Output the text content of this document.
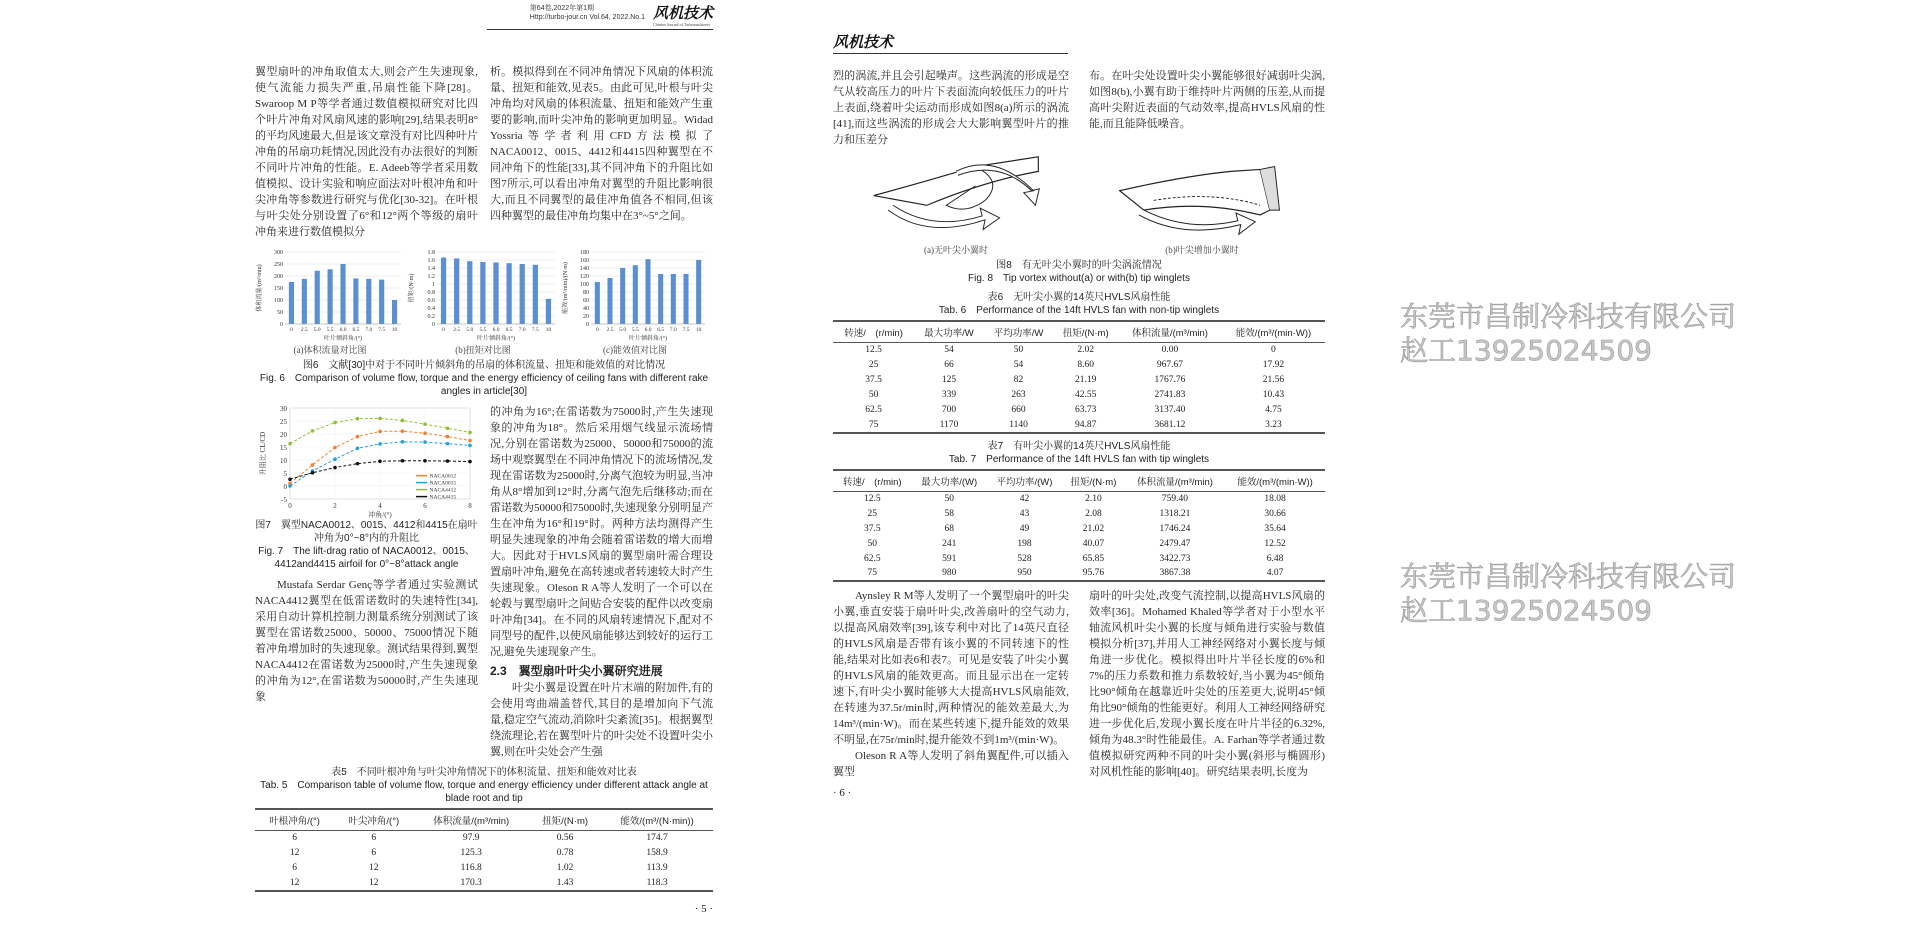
第64卷,2022年第1期
Http://turbo-jour.cn Vol.64, 2022.No.1 风机技术
Chinese Journal of Turbomachinery
翼型扇叶的冲角取值太大,则会产生失速现象,使气流能力损失严重,吊扇性能下降[28]。Swaroop M P等学者通过数值模拟研究对比四个叶片冲角对风扇风速的影响[29],结果表明8°的平均风速最大,但是该文章没有对比四种叶片冲角的吊扇功耗情况,因此没有办法很好的判断不同叶片冲角的性能。E. Adeeb等学者采用数值模拟、设计实验和响应面法对叶根冲角和叶尖冲角等参数进行研究与优化[30-32]。在叶根与叶尖处分别设置了6°和12°两个等级的扇叶冲角来进行数值模拟分
析。模拟得到在不同冲角情况下风扇的体积流量、扭矩和能效,见表5。由此可见,叶根与叶尖冲角均对风扇的体积流量、扭矩和能效产生重要的影响,而叶尖冲角的影响更加明显。Widad Yossria等学者利用CFD方法模拟了NACA0012、0015、4412和4415四种翼型在不同冲角下的性能[33],其不同冲角下的升阻比如图7所示,可以看出冲角对翼型的升阻比影响很大,而且不同翼型的最佳冲角值各不相同,但该四种翼型的最佳冲角均集中在3°~5°之间。
0
50
100
150
200
250
300
0 2.5 5.0 5.5 6.0 6.5 7.0 7.5 10
叶片倾斜角/(°)
体积流量/(m³/min)
(a)体积流量对比图
0
0.2
0.4
0.6
0.8
1
1.2
1.4
1.6
1.8
0 2.5 5.0 5.5 6.0 6.5 7.0 7.5 10
叶片倾斜角/(°)
扭矩/(N·m)
(b)扭矩对比图
0
20
40
60
80
100
120
140
160
180
0 2.5 5.0 5.5 6.0 6.5 7.0 7.5 10
叶片倾斜角/(°)
能效/(m³/min)/(N·m)
(c)能效值对比图
图6　文献[30]中对于不同叶片倾斜角的吊扇的体积流量、扭矩和能效值的对比情况
Fig. 6　Comparison of volume flow, torque and the energy efficiency of ceiling fans with different rake angles in article[30]
-5
0
5
10
15
20
25
30
0	2	4	6	8
NACA0012
NACA0015
NACA4412
NACA4415
冲角/(°)
升阻比 CL/CD
图7　翼型NACA0012、0015、4412和4415在扇叶冲角为0°~8°内的升阻比
Fig. 7　The lift-drag ratio of NACA0012、0015、
4412and4415 airfoil for 0°~8°attack angle
Mustafa Serdar Genç等学者通过实验测试NACA4412翼型在低雷诺数时的失速特性[34],采用自动计算机控制力测量系统分别测试了该翼型在雷诺数25000、50000、75000情况下随着冲角增加时的失速现象。测试结果得到,翼型NACA4412在雷诺数为25000时,产生失速现象的冲角为12°,在雷诺数为50000时,产生失速现象
的冲角为16°;在雷诺数为75000时,产生失速现象的冲角为18°。然后采用烟气线显示流场情况,分别在雷诺数为25000、50000和75000的流场中观察翼型在不同冲角情况下的流场情况,发现在雷诺数为25000时,分离气泡较为明显,当冲角从8°增加到12°时,分离气泡先后继移动;而在雷诺数为50000和75000时,失速现象分别明显产生在冲角为16°和19°时。两种方法均测得产生明显失速现象的冲角会随着雷诺数的增大而增大。因此对于HVLS风扇的翼型扇叶需合理设置扇叶冲角,避免在高转速或者转速较大时产生失速现象。Oleson R A等人发明了一个可以在轮毂与翼型扇叶之间贴合安装的配件以改变扇叶冲角[34]。在不同的风扇转速情况下,配对不同型号的配件,以使风扇能够达到较好的运行工况,避免失速现象产生。
2.3　翼型扇叶叶尖小翼研究进展
叶尖小翼是设置在叶片末端的附加件,有的会使用弯曲端盖替代,其目的是增加向下气流量,稳定空气流动,消除叶尖紊流[35]。根据翼型绕流理论,若在翼型叶片的叶尖处不设置叶尖小翼,则在叶尖处会产生强
表5　不同叶根冲角与叶尖冲角情况下的体积流量、扭矩和能效对比表
Tab. 5　Comparison table of volume flow, torque and energy efficiency under different attack angle at blade root and tip
叶根冲角/(°)	叶尖冲角/(°)	体积流量/(m³/min)	扭矩/(N·m)	能效/(m³/(N·min))
6	6	97.9	0.56	174.7
12	6	125.3	0.78	158.9
6	12	116.8	1.02	113.9
12	12	170.3	1.43	118.3
· 5 ·
风机技术
烈的涡流,并且会引起噪声。这些涡流的形成是空气从较高压力的叶片下表面流向较低压力的叶片上表面,绕着叶尖运动而形成如图8(a)所示的涡流[41],而这些涡流的形成会大大影响翼型叶片的推力和压差分
布。在叶尖处设置叶尖小翼能够很好减弱叶尖涡,如图8(b),小翼有助于维持叶片两侧的压差,从而提高叶尖附近表面的气动效率,提高HVLS风扇的性能,而且能降低噪音。
(a)无叶尖小翼时	(b)叶尖增加小翼时
图8　有无叶尖小翼时的叶尖涡流情况
Fig. 8　Tip vortex without(a) or with(b) tip winglets
表6　无叶尖小翼的14英尺HVLS风扇性能
Tab. 6　Performance of the 14ft HVLS fan with non-tip winglets
转速/　(r/min)	最大功率/W	平均功率/W	扭矩/(N·m)	体积流量/(m³/min)	能效/(m³/(min·W))
12.5	54	50	2.02	0.00	0
25	66	54	8.60	967.67	17.92
37.5	125	82	21.19	1767.76	21.56
50	339	263	42.55	2741.83	10.43
62.5	700	660	63.73	3137.40	4.75
75	1170	1140	94.87	3681.12	3.23
表7　有叶尖小翼的14英尺HVLS风扇性能
Tab. 7　Performance of the 14ft HVLS fan with tip winglets
转速/　(r/min)	最大功率/(W)	平均功率/(W)	扭矩/(N·m)	体积流量/(m³/min)	能效/(m³/(min·W))
12.5	50	42	2.10	759.40	18.08
25	58	43	2.08	1318.21	30.66
37.5	68	49	21.02	1746.24	35.64
50	241	198	40.07	2479.47	12.52
62.5	591	528	65.85	3422.73	6.48
75	980	950	95.76	3867.38	4.07
Aynsley R M等人发明了一个翼型扇叶的叶尖小翼,垂直安装于扇叶叶尖,改善扇叶的空气动力,以提高风扇效率[39],该专利中对比了14英尺直径的HVLS风扇是否带有该小翼的不同转速下的性能,结果对比如表6和表7。可见是安装了叶尖小翼的HVLS风扇的能效更高。而且显示出在一定转速下,有叶尖小翼时能够大大提高HVLS风扇能效,在转速为37.5r/min时,两种情况的能效差最大,为14m³/(min·W)。而在某些转速下,提升能效的效果不明显,在75r/min时,提升能效不到1m³/(min·W)。
Oleson R A等人发明了斜角翼配件,可以插入翼型
扇叶的叶尖处,改变气流控制,以提高HVLS风扇的效率[36]。Mohamed Khaled等学者对于小型水平轴流风机叶尖小翼的长度与倾角进行实验与数值模拟分析[37],并用人工神经网络对小翼长度与倾角进一步优化。模拟得出叶片半径长度的6%和7%的压力系数和推力系数较好,当小翼为45°倾角比90°倾角在越靠近叶尖处的压差更大,说明45°倾角比90°倾角的性能更好。利用人工神经网络研究进一步优化后,发现小翼长度在叶片半径的6.32%,倾角为48.3°时性能最佳。A. Farhan等学者通过数值模拟研究两种不同的叶尖小翼(斜形与椭圆形)对风机性能的影响[40]。研究结果表明,长度为
· 6 ·
东莞市昌制冷科技有限公司
赵工13925024509
东莞市昌制冷科技有限公司
赵工13925024509
